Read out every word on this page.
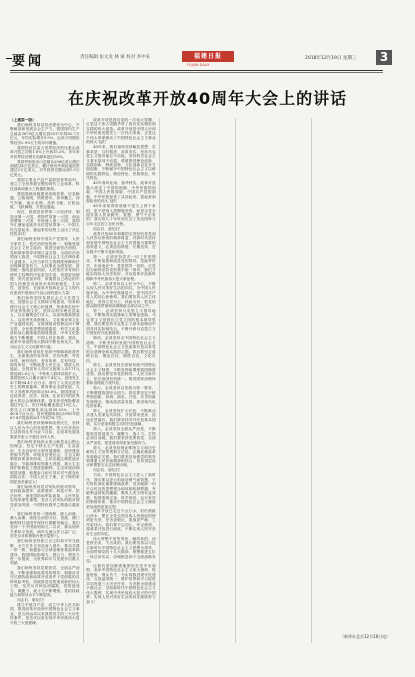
要闻	责任编辑 张文龙 林 斌 校对 李中来	福建日报
FUJIAN DAILY
2018年12月19日 星期三	3
在庆祝改革开放40周年大会上的讲话

（上接第一版）

我们始终坚持以经济建设为中心，不断解放和发展社会生产力，我国国内生产总值由3679亿元增长到2017年的82.7万亿元，年均实际增长9.5%，远高于同期世界经济2.9%左右的年均增速。

我国经济总量占世界经济的比重由改革开放之初的1.8%上升到15.2%，多年来对世界经济增长贡献率超过30%。

我国货物进出口总额从206亿美元增长到超过4万亿美元，累计使用外商直接投资超过2万亿美元，对外投资总额达到1.9万亿美元。

我国主要农产品产量跃居世界前列，建立了全世界最完整的现代工业体系，科技创新和重大工程捷报频传。

我国基础设施建设成就显著，信息畅通，公路成网，铁路密布，高坝矗立，西气东输，南水北调，高铁飞驰，巨轮远航，飞机翱翔，天堑变通途。

现在，我国是世界第二大经济体、制造业第一大国、货物贸易第一大国、商品消费第二大国、外资流入第二大国，我国外汇储备连续多年位居世界第一，中国人民在富起来、强起来的征程上迈出了决定性的步伐！

我们始终坚持中国共产党领导、人民当家作主、依法治国有机统一，积极发展社会主义民主政治，推进全面依法治国，党和国家领导体制日益完善，全面依法治国深入推进，中国特色社会主义法律体系日益健全，人民当家作主的制度保障和法治保障更加有力，人权事业全面发展，爱国统一战线更加巩固，人民依法享有和行使民主权利的内容更加丰富、渠道更加便捷、形式更加多样，掌握着自己命运的中国人民焕发出前所未有的积极性、主动性、创造性，在改革开放和社会主义现代化建设中展现出气吞山河的强大力量！

我们始终坚持发展社会主义先进文化，加强社会主义精神文明建设，培育和践行社会主义核心价值观，传承和弘扬中华优秀传统文化，坚持以科学理论武装人、以正确舆论引导人、以高尚精神塑造人、以优秀作品鼓舞人，文化事业和文化产业蓬勃发展，互联网建设管理运用不断完善，全民族思想道德素质、科学文化素质和身心健康素质明显提高，中华文化影响力不断增强，中国人民在革命、建设、改革中形成的伟大精神不断发扬光大，推动社会主义文化繁荣兴盛。

我们始终坚持在发展中保障和改善民生，全面推进幼有所育、学有所教、劳有所得、病有所医、老有所养、住有所居、弱有所扶，不断改善人民生活、增进人民福祉。全国居民人均可支配收入由171元增加到2.6万元，中等收入群体持续扩大。我国贫困人口累计减少7.4亿人，贫困发生率下降94.4个百分点，谱写了人类反贫困史上的辉煌篇章。教育事业全面发展，九年义务教育巩固率达93.8%。我国建成了包括养老、医疗、低保、住房在内的世界最大的社会保障体系，基本养老保险覆盖超过9亿人，医疗保险覆盖超过13亿人。常住人口城镇化率达到58.52%，上升40.6个百分点。居民预期寿命由1981年的67.8岁提高到2017年的76.7岁。

我们始终坚持保障和改善民生，坚持以人民为中心的发展思想，把人民对美好生活的向往作为奋斗目标，让改革发展成果更多更公平惠及全体人民。

我们始终坚持绿水青山就是金山银山的理念，坚定不移走生产发展、生活富裕、生态良好的文明发展道路，加快建设资源节约型、环境友好型社会，生态文明制度体系加快形成，主体功能区制度逐步健全，节能减排取得重大进展，重大生态保护和修复工程进展顺利，生态环境治理明显加强，积极参与和引导应对气候变化国际合作，中国人民生于斯、长于斯的家园更加美丽宜人！

我们始终坚持党对军队的绝对领导，坚持政治建军、改革强军、科技兴军、依法治军，深化国防和军队改革，人民军队实现革命性重塑，党对人民军队的绝对领导更加巩固，中国特色强军之路越走越宽广。

我们始终坚持一国两制、港人治港、澳人治澳、高度自治的方针，香港、澳门顺利回归祖国并保持长期繁荣稳定。我们坚持一个中国原则和九二共识，推动两岸关系和平发展，两岸交流合作日益广泛，坚决反对和遏制台独分裂势力。

我们始终坚持独立自主的和平外交政策，全方位外交布局深入展开，推动共建一带一路，积极参与全球治理体系改革和建设，我国国际影响力、感召力、塑造力进一步提高，为世界和平与发展作出重大贡献。

我们始终坚持党要管党、全面从严治党，不断加强和改善党的领导，积极应对在长期执政和改革开放条件下党面临的各种风险考验，持续推进党的建设新的伟大工程，坚决反对和惩治腐败，党的创造力、凝聚力、战斗力不断增强，党的执政能力和领导水平不断提高。

同志们、朋友们！

建立中国共产党、成立中华人民共和国、推进改革开放和中国特色社会主义事业，是五四运动以来我国发生的三大历史性事件，是近代以来实现中华民族伟大复兴的三大里程碑。

改革开放是我们党的一次伟大觉醒，正是这个伟大觉醒孕育了我们党从理论到实践的伟大创造。改革开放是中国人民和中华民族发展史上一次伟大革命，正是这个伟大革命推动了中国特色社会主义事业的伟大飞跃！

40年来，我们始终坚持解放思想、实事求是、与时俱进、求真务实，坚持马克思主义指导地位不动摇，坚持科学社会主义基本原则不动摇，勇敢推进理论创新、实践创新、制度创新、文化创新以及各方面创新，不断赋予中国特色社会主义以鲜明的实践特色、理论特色、民族特色、时代特色。

40年春风化雨、春华秋实，改革开放极大改变了中国的面貌、中华民族的面貌、中国人民的面貌、中国共产党的面貌。中华民族迎来了从站起来、富起来到强起来的伟大飞跃！

40年来取得的成就不是天上掉下来的，更不是别人恩赐施舍的，而是全党全国各族人民用勤劳、智慧、勇气干出来的！我们用几十年时间走完了发达国家几百年走过的工业化历程。

同志们、朋友们！

改革开放40年积累的宝贵经验是党和人民弥足珍贵的精神财富，对新时代坚持和发展中国特色社会主义有着极为重要的指导意义，必须倍加珍惜、长期坚持，在实践中不断丰富和发展。

第一，必须坚持党对一切工作的领导，不断加强和改善党的领导。党政军民学，东西南北中，党是领导一切的。正是因为始终坚持党的集中统一领导，我们才能实现伟大历史转折、开启改革开放新时期和中华民族伟大复兴新征程。

第二，必须坚持以人民为中心，不断实现人民对美好生活的向往。为中国人民谋幸福，为中华民族谋复兴，是中国共产党人的初心和使命。我们要坚持人民主体地位，坚持立党为公、执政为民，把党的群众路线贯彻到治国理政全部活动之中。

第三，必须坚持马克思主义指导地位，不断推进实践基础上的理论创新。马克思主义是我们立党立国的根本指导思想。我们要坚持马克思主义基本原理同中国具体实际相结合，不断开辟马克思主义中国化时代化新境界。

第四，必须坚持走中国特色社会主义道路，不断坚持和发展中国特色社会主义。中国特色社会主义是改革开放以来党的全部理论和实践的主题。我们要坚定道路自信、理论自信、制度自信、文化自信。

第五，必须坚持完善和发展中国特色社会主义制度，不断发挥和增强我国制度优势。我们要坚持党的领导、人民当家作主、依法治国有机统一，推进国家治理体系和治理能力现代化。

第六，必须坚持以发展为第一要务，不断增强我国综合国力。我们要坚定不移贯彻创新、协调、绿色、开放、共享的新发展理念，推动高质量发展，建设现代化经济体系。

第七，必须坚持扩大开放，不断推动共建人类命运共同体。开放带来进步，封闭必然落后。我们要坚持对外开放基本国策，实行更加积极主动的开放战略。

第八，必须坚持全面从严治党，不断提高党的创造力、凝聚力、战斗力。打铁必须自身硬。我们要坚持党要管党、全面从严治党，把党建设得更加坚强有力。

第九，必须坚持辩证唯物主义和历史唯物主义世界观和方法论，正确处理改革发展稳定关系。我们要坚持加强党的领导和尊重人民首创精神相结合，坚持顶层设计和摸着石头过河相协调。

同志们、朋友们！

当前，中国特色社会主义进入了新时代，我们要以更大的政治勇气和智慧，不失时机深化重要领域改革，坚决破除一切不合时宜的思想观念和体制机制弊端，突破利益固化的藩篱，吸收人类文明有益成果，构建系统完备、科学规范、运行有效的制度体系，推动中国特色社会主义制度更加成熟更加定型。

改革开放已走过千山万水，但仍需跋山涉水，摆在全党全国各族人民面前的使命更光荣、任务更艰巨、挑战更严峻、工作更伟大。我们要不忘初心、牢记使命，将改革开放进行到底，不断实现人民对美好生活的向往。

伟大梦想不是等得来、喊得来的，而是拼出来、干出来的。我们要坚持以习近平新时代中国特色社会主义思想为指导，全面贯彻党的十九大精神，统筹推进五位一体总体布局，协调推进四个全面战略布局。

让我们更加紧密地团结在党中央周围，高举中国特色社会主义伟大旗帜，锐意进取，埋头苦干，为实现推进现代化建设、完成祖国统一、维护世界和平与促进共同发展三大历史任务，为决胜全面建成小康社会、夺取新时代中国特色社会主义伟大胜利、实现中华民族伟大复兴的中国梦、实现人民对美好生活的向往继续努力奋斗！

（新华社北京12月18日电）
